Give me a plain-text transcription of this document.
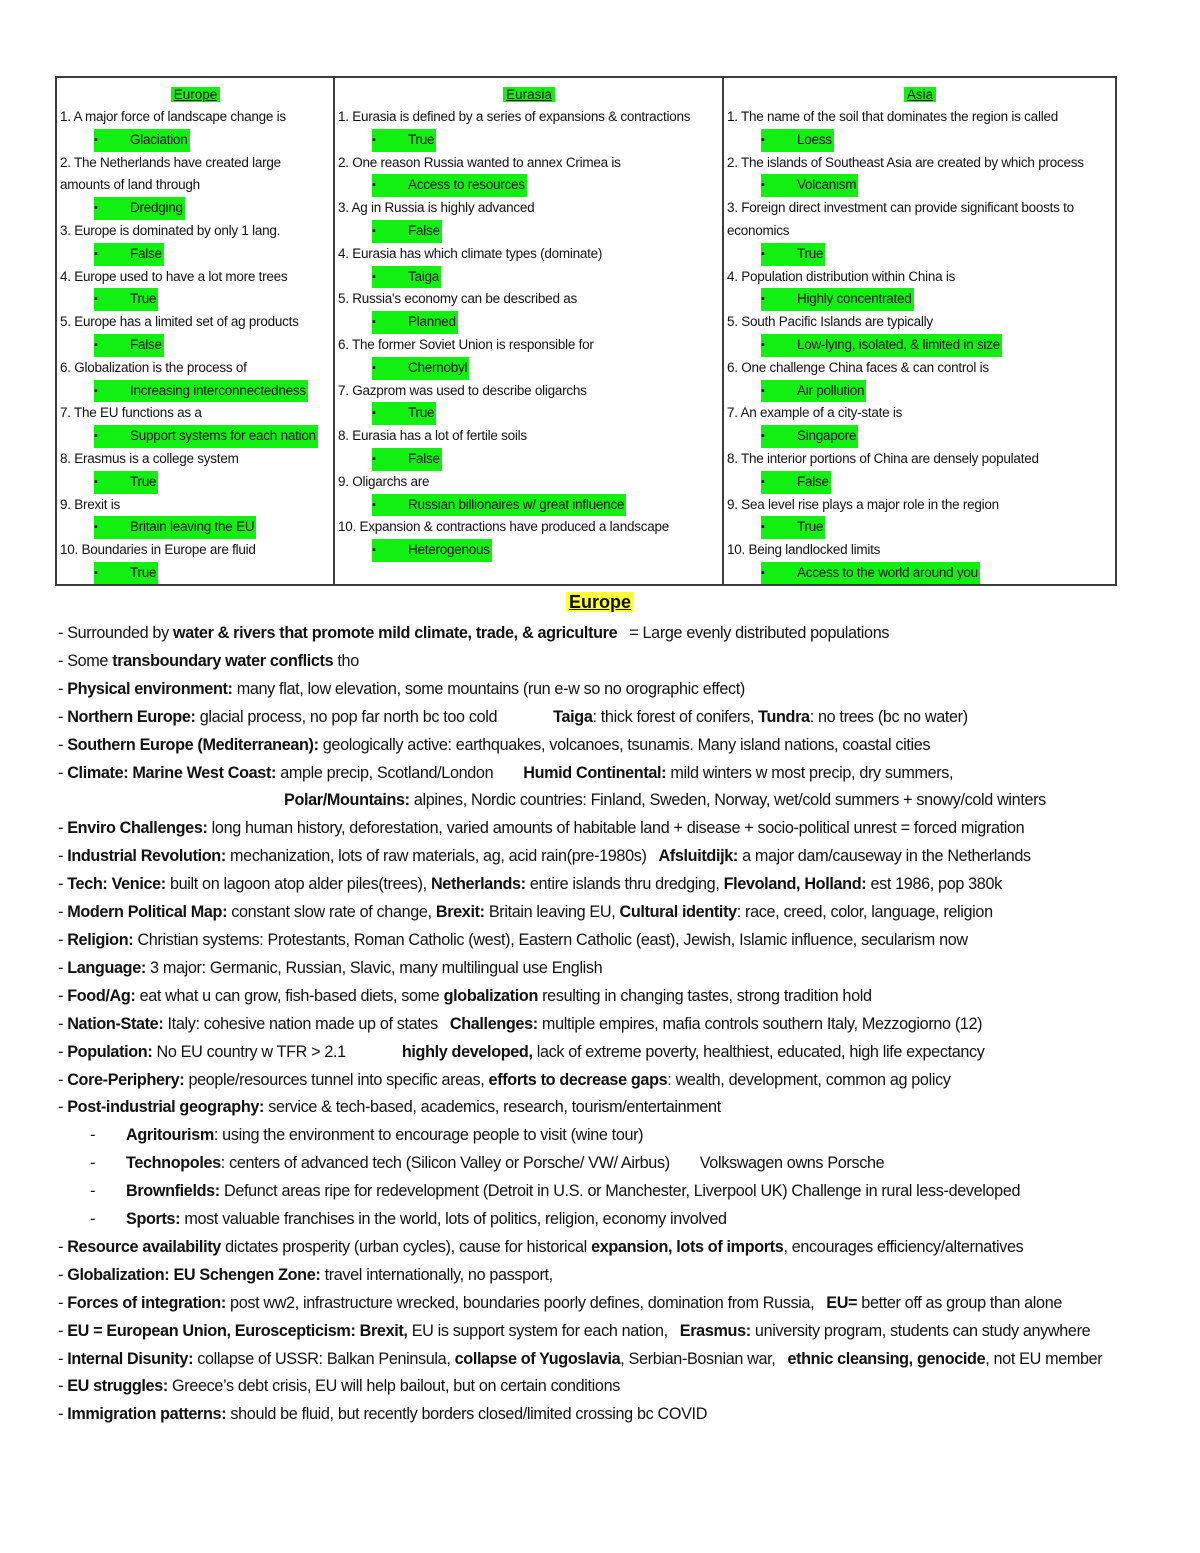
Europe
1. A major force of landscape change is
Glaciation
▪
2. The Netherlands have created large amounts of land through
Dredging
▪
3. Europe is dominated by only 1 lang.
False
▪
4. Europe used to have a lot more trees
True
▪
5. Europe has a limited set of ag products
False
▪
6. Globalization is the process of
Increasing interconnectedness
▪
7. The EU functions as a
Support systems for each nation
▪
8. Erasmus is a college system
True
▪
9. Brexit is
Britain leaving the EU
▪
10. Boundaries in Europe are fluid
True
▪
Eurasia
1. Eurasia is defined by a series of expansions & contractions
True
▪
2. One reason Russia wanted to annex Crimea is
Access to resources
▪
3. Ag in Russia is highly advanced
False
▪
4. Eurasia has which climate types (dominate)
Taiga
▪
5. Russia's economy can be described as
Planned
▪
6. The former Soviet Union is responsible for
Chernobyl
▪
7. Gazprom was used to describe oligarchs
True
▪
8. Eurasia has a lot of fertile soils
False
▪
9. Oligarchs are
Russian billionaires w/ great influence
▪
10. Expansion & contractions have produced a landscape
Heterogenous
▪
Asia
1. The name of the soil that dominates the region is called
Loess
▪
2. The islands of Southeast Asia are created by which process
Volcanism
▪
3. Foreign direct investment can provide significant boosts to economics
True
▪
4. Population distribution within China is
Highly concentrated
▪
5. South Pacific Islands are typically
Low-lying, isolated, & limited in size
▪
6. One challenge China faces & can control is
Air pollution
▪
7. An example of a city-state is
Singapore
▪
8. The interior portions of China are densely populated
False
▪
9. Sea level rise plays a major role in the region
True
▪
10. Being landlocked limits
Access to the world around you
▪
Europe
- Surrounded by water & rivers that promote mild climate, trade, & agriculture = Large evenly distributed populations
- Some transboundary water conflicts tho
- Physical environment: many flat, low elevation, some mountains (run e-w so no orographic effect)
- Northern Europe: glacial process, no pop far north bc too cold	Taiga: thick forest of conifers, Tundra: no trees (bc no water)
- Southern Europe (Mediterranean): geologically active: earthquakes, volcanoes, tsunamis. Many island nations, coastal cities
- Climate: Marine West Coast: ample precip, Scotland/London Humid Continental: mild winters w most precip, dry summers,
Polar/Mountains: alpines, Nordic countries: Finland, Sweden, Norway, wet/cold summers + snowy/cold winters
- Enviro Challenges: long human history, deforestation, varied amounts of habitable land + disease + socio-political unrest = forced migration
- Industrial Revolution: mechanization, lots of raw materials, ag, acid rain(pre-1980s) Afsluitdijk: a major dam/causeway in the Netherlands
- Tech: Venice: built on lagoon atop alder piles(trees), Netherlands: entire islands thru dredging, Flevoland, Holland: est 1986, pop 380k
- Modern Political Map: constant slow rate of change, Brexit: Britain leaving EU, Cultural identity: race, creed, color, language, religion
- Religion: Christian systems: Protestants, Roman Catholic (west), Eastern Catholic (east), Jewish, Islamic influence, secularism now
- Language: 3 major: Germanic, Russian, Slavic, many multilingual use English
- Food/Ag: eat what u can grow, fish-based diets, some globalization resulting in changing tastes, strong tradition hold
- Nation-State: Italy: cohesive nation made up of states Challenges: multiple empires, mafia controls southern Italy, Mezzogiorno (12)
- Population: No EU country w TFR > 2.1	highly developed, lack of extreme poverty, healthiest, educated, high life expectancy
- Core-Periphery: people/resources tunnel into specific areas, efforts to decrease gaps: wealth, development, common ag policy
- Post-industrial geography: service & tech-based, academics, research, tourism/entertainment
- Agritourism: using the environment to encourage people to visit (wine tour)
- Technopoles: centers of advanced tech (Silicon Valley or Porsche/ VW/ Airbus) Volkswagen owns Porsche
- Brownfields: Defunct areas ripe for redevelopment (Detroit in U.S. or Manchester, Liverpool UK) Challenge in rural less-developed
- Sports: most valuable franchises in the world, lots of politics, religion, economy involved
- Resource availability dictates prosperity (urban cycles), cause for historical expansion, lots of imports, encourages efficiency/alternatives
- Globalization: EU Schengen Zone: travel internationally, no passport,
- Forces of integration: post ww2, infrastructure wrecked, boundaries poorly defines, domination from Russia, EU= better off as group than alone
- EU = European Union, Euroscepticism: Brexit, EU is support system for each nation, Erasmus: university program, students can study anywhere
- Internal Disunity: collapse of USSR: Balkan Peninsula, collapse of Yugoslavia, Serbian-Bosnian war, ethnic cleansing, genocide, not EU member
- EU struggles: Greece’s debt crisis, EU will help bailout, but on certain conditions
- Immigration patterns: should be fluid, but recently borders closed/limited crossing bc COVID
